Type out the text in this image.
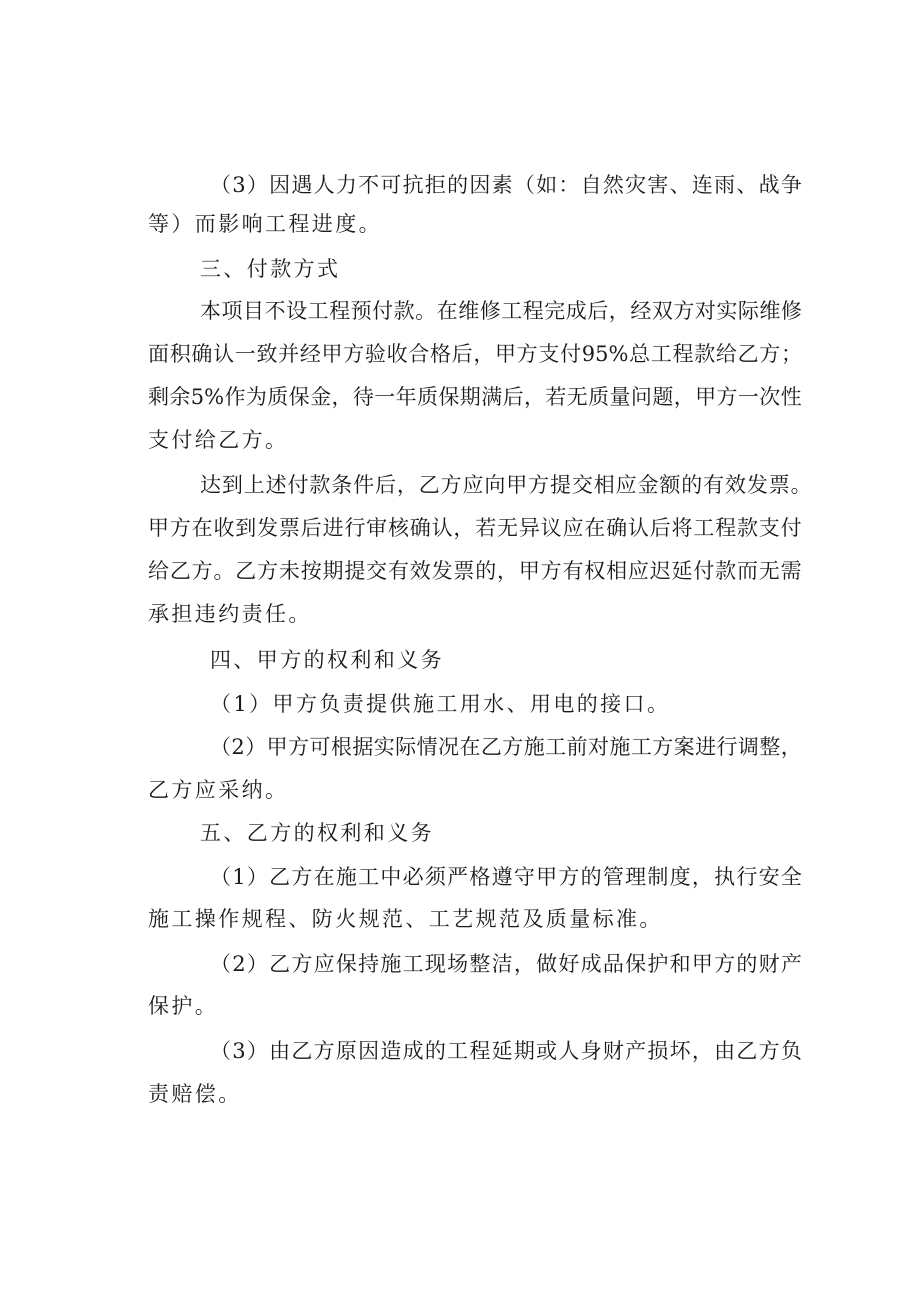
（ 3 ） 因 遇 人 力 不 可 抗 拒 的 因 素 （ 如 ： 自 然 灾 害 、 连 雨 、 战 争
等）而影响工程进度。
三、付款方式
本 项 目 不 设 工 程 预 付 款 。 在 维 修 工 程 完 成 后 ， 经 双 方 对 实 际 维 修
面 积 确 认 一 致 并 经 甲 方 验 收 合 格 后 ， 甲 方 支 付 95% 总 工 程 款 给 乙 方 ；
剩 余 5% 作 为 质 保 金 ， 待 一 年 质 保 期 满 后 ， 若 无 质 量 问 题 ， 甲 方 一 次 性
支付给乙方。
达 到 上 述 付 款 条 件 后 ， 乙 方 应 向 甲 方 提 交 相 应 金 额 的 有 效 发 票 。
甲 方 在 收 到 发 票 后 进 行 审 核 确 认 ， 若 无 异 议 应 在 确 认 后 将 工 程 款 支 付
给 乙 方 。 乙 方 未 按 期 提 交 有 效 发 票 的 ， 甲 方 有 权 相 应 迟 延 付 款 而 无 需
承担违约责任。
四、甲方的权利和义务
（1）甲方负责提供施工用水、用电的接口。
（ 2 ） 甲 方 可 根 据 实 际 情 况 在 乙 方 施 工 前 对 施 工 方 案 进 行 调 整 ，
乙方应采纳。
五、乙方的权利和义务
（ 1 ） 乙 方 在 施 工 中 必 须 严 格 遵 守 甲 方 的 管 理 制 度 ， 执 行 安 全
施工操作规程、防火规范、工艺规范及质量标准。
（ 2 ） 乙 方 应 保 持 施 工 现 场 整 洁 ， 做 好 成 品 保 护 和 甲 方 的 财 产
保护。
（ 3 ） 由 乙 方 原 因 造 成 的 工 程 延 期 或 人 身 财 产 损 坏 ， 由 乙 方 负
责赔偿。
